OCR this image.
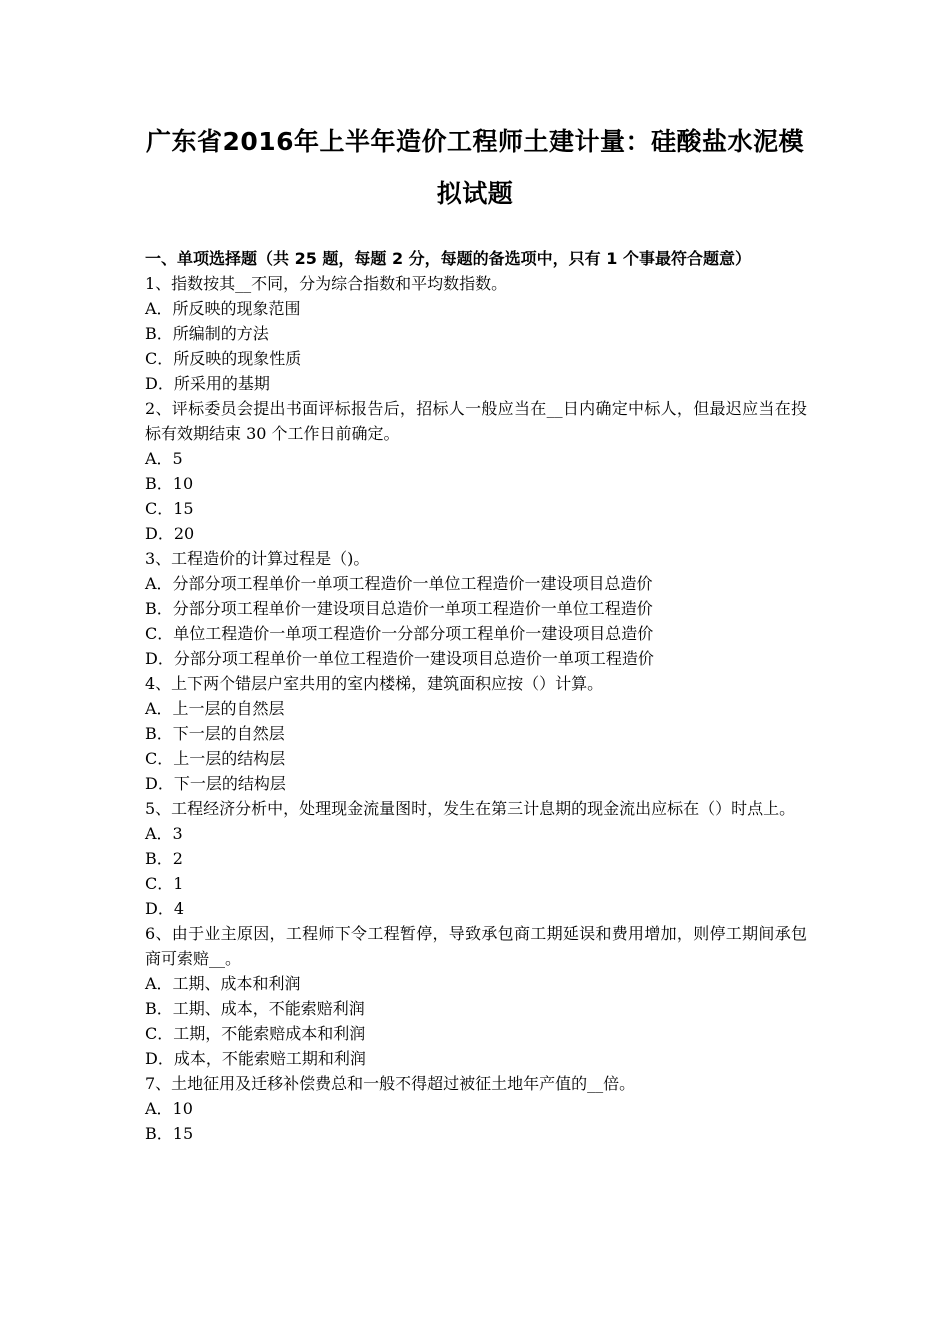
广东省2016年上半年造价工程师土建计量：硅酸盐水泥模拟试题

一、单项选择题（共 25 题，每题 2 分，每题的备选项中，只有 1 个事最符合题意）

1、指数按其__不同，分为综合指数和平均数指数。

A．所反映的现象范围

B．所编制的方法

C．所反映的现象性质

D．所采用的基期

2、评标委员会提出书面评标报告后，招标人一般应当在__日内确定中标人，但最迟应当在投标有效期结束 30 个工作日前确定。

A．5

B．10

C．15

D．20

3、工程造价的计算过程是（)。

A．分部分项工程单价一单项工程造价一单位工程造价一建设项目总造价

B．分部分项工程单价一建设项目总造价一单项工程造价一单位工程造价

C．单位工程造价一单项工程造价一分部分项工程单价一建设项目总造价

D．分部分项工程单价一单位工程造价一建设项目总造价一单项工程造价

4、上下两个错层户室共用的室内楼梯，建筑面积应按（）计算。

A．上一层的自然层

B．下一层的自然层

C．上一层的结构层

D．下一层的结构层

5、工程经济分析中，处理现金流量图时，发生在第三计息期的现金流出应标在（）时点上。

A．3

B．2

C．1

D．4

6、由于业主原因，工程师下令工程暂停，导致承包商工期延误和费用增加，则停工期间承包商可索赔__。

A．工期、成本和利润

B．工期、成本，不能索赔利润

C．工期，不能索赔成本和利润

D．成本，不能索赔工期和利润

7、土地征用及迁移补偿费总和一般不得超过被征土地年产值的__倍。

A．10

B．15
